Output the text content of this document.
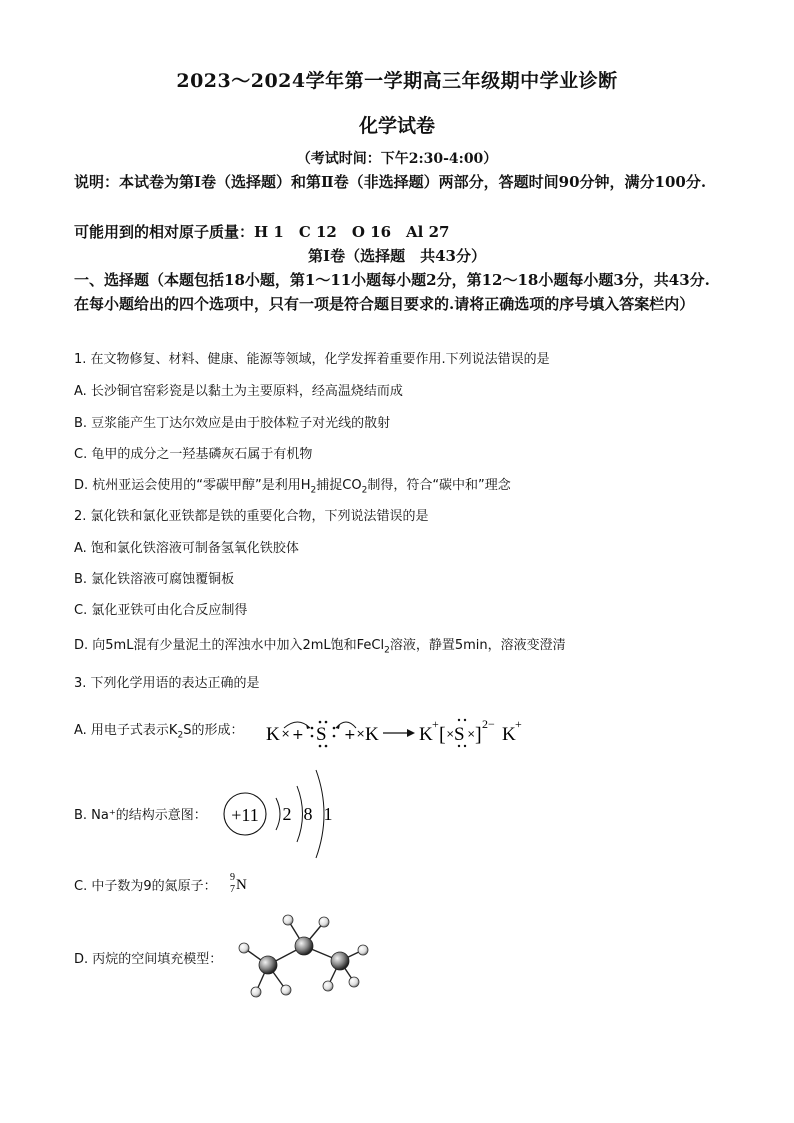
2023～2024学年第一学期高三年级期中学业诊断
化学试卷
（考试时间：下午2:30-4:00）
说明：本试卷为第Ⅰ卷（选择题）和第Ⅱ卷（非选择题）两部分，答题时间90分钟，满分100分.
可能用到的相对原子质量：H 1　C 12　O 16　Al 27
第Ⅰ卷（选择题　共43分）
一、选择题（本题包括18小题，第1～11小题每小题2分，第12～18小题每小题3分，共43分.在每小题给出的四个选项中，只有一项是符合题目要求的.请将正确选项的序号填入答案栏内）
1. 在文物修复、材料、健康、能源等领域，化学发挥着重要作用.下列说法错误的是
A. 长沙铜官窑彩瓷是以黏土为主要原料，经高温烧结而成
B. 豆浆能产生丁达尔效应是由于胶体粒子对光线的散射
C. 龟甲的成分之一羟基磷灰石属于有机物
D. 杭州亚运会使用的“零碳甲醇”是利用$H_2$捕捉$CO_2$制得，符合“碳中和”理念
2. 氯化铁和氯化亚铁都是铁的重要化合物，下列说法错误的是
A. 饱和氯化铁溶液可制备氢氧化铁胶体
B. 氯化铁溶液可腐蚀覆铜板
C. 氯化亚铁可由化合反应制得
D. 向5mL混有少量泥土的浑浊水中加入2mL饱和FeCl$_2$溶液，静置5min，溶液变澄清
3. 下列化学用语的表达正确的是
A. 用电子式表示$K_2S$的形成： K × + S + × K K + [ × S × ] 2− K +
B. Na⁺的结构示意图： +11 2 8 1
C. 中子数为9的氮原子：
9
7 N
D. 丙烷的空间填充模型：
